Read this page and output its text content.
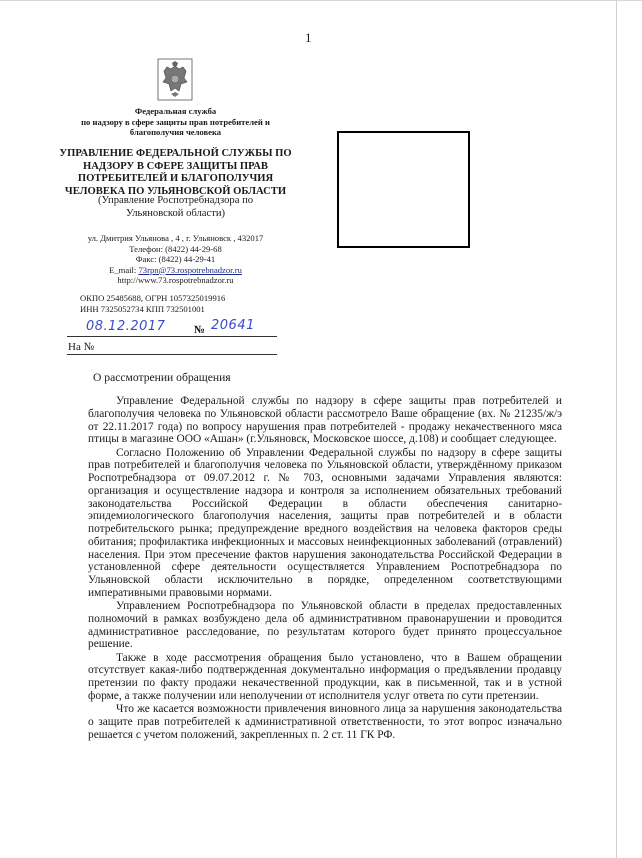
1
Федеральная служба
по надзору в сфере защиты прав потребителей и
благополучия человека
УПРАВЛЕНИЕ ФЕДЕРАЛЬНОЙ СЛУЖБЫ ПО
НАДЗОРУ В СФЕРЕ ЗАЩИТЫ ПРАВ
ПОТРЕБИТЕЛЕЙ И БЛАГОПОЛУЧИЯ
ЧЕЛОВЕКА ПО УЛЬЯНОВСКОЙ ОБЛАСТИ
(Управление Роспотребнадзора по
Ульяновской области)
ул. Дмитрия Ульянова , 4 , г. Ульяновск , 432017
Телефон: (8422) 44-29-68
Факс: (8422) 44-29-41
E_mail: 73rpn@73.rospotrebnadzor.ru
http://www.73.rospotrebnadzor.ru
ОКПО 25485688, ОГРН 1057325019916
ИНН 7325052734 КПП 732501001
08.12.2017	№ 20641
На №
О рассмотрении обращения

Управление Федеральной службы по надзору в сфере защиты прав потребителей и благополучия человека по Ульяновской области рассмотрело Ваше обращение (вх. № 21235/ж/э от 22.11.2017 года) по вопросу нарушения прав потребителей - продажу некачественного мяса птицы в магазине ООО «Ашан» (г.Ульяновск, Московское шоссе, д.108) и сообщает следующее.

Согласно Положению об Управлении Федеральной службы по надзору в сфере защиты прав потребителей и благополучия человека по Ульяновской области, утверждённому приказом Роспотребнадзора от 09.07.2012 г. № 703, основными задачами Управления являются: организация и осуществление надзора и контроля за исполнением обязательных требований законодательства Российской Федерации в области обеспечения санитарно-эпидемиологического благополучия населения, защиты прав потребителей и в области потребительского рынка; предупреждение вредного воздействия на человека факторов среды обитания; профилактика инфекционных и массовых неинфекционных заболеваний (отравлений) населения. При этом пресечение фактов нарушения законодательства Российской Федерации в установленной сфере деятельности осуществляется Управлением Роспотребнадзора по Ульяновской области исключительно в порядке, определенном соответствующими императивными правовыми нормами.

Управлением Роспотребнадзора по Ульяновской области в пределах предоставленных полномочий в рамках возбуждено дела об административном правонарушении и проводится административное расследование, по результатам которого будет принято процессуальное решение.

Также в ходе рассмотрения обращения было установлено, что в Вашем обращении отсутствует какая-либо подтвержденная документально информация о предъявлении продавцу претензии по факту продажи некачественной продукции, как в письменной, так и в устной форме, а также получении или неполучении от исполнителя услуг ответа по сути претензии.

Что же касается возможности привлечения виновного лица за нарушения законодательства о защите прав потребителей к административной ответственности, то этот вопрос изначально решается с учетом положений, закрепленных п. 2 ст. 11 ГК РФ.
